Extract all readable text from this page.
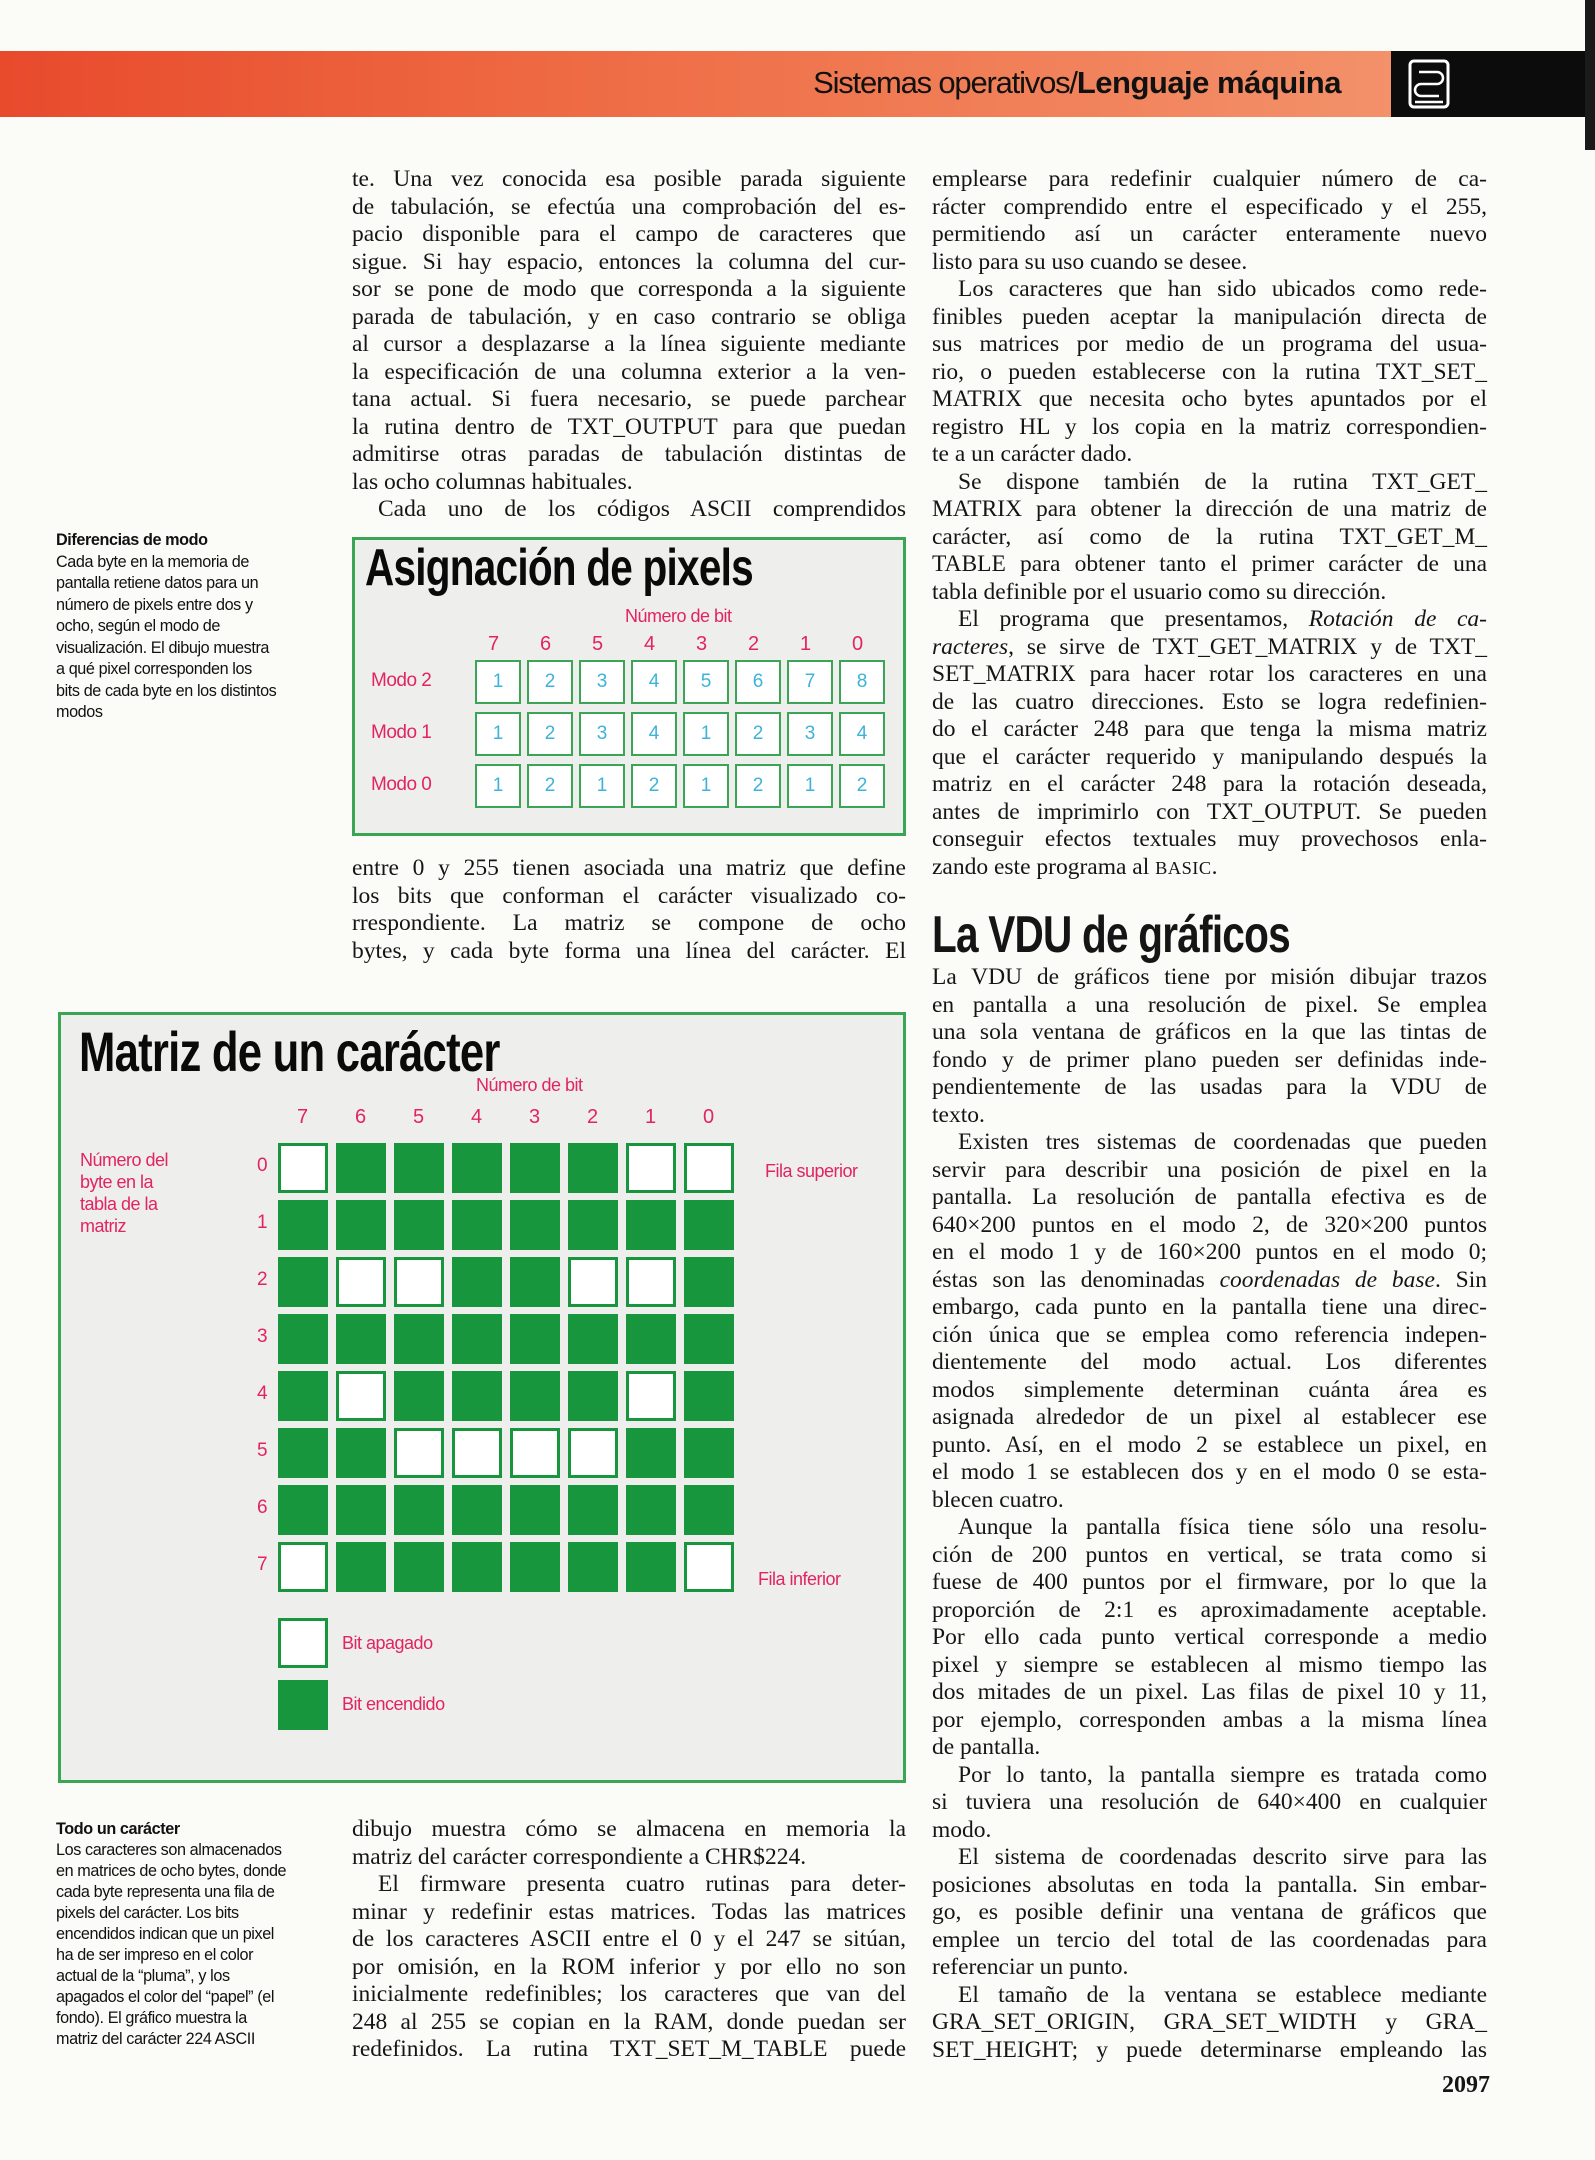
Sistemas operativos/Lenguaje máquina
Diferencias de modo
Cada byte en la memoria de
pantalla retiene datos para un
número de pixels entre dos y
ocho, según el modo de
visualización. El dibujo muestra
a qué pixel corresponden los
bits de cada byte en los distintos
modos
Todo un carácter
Los caracteres son almacenados
en matrices de ocho bytes, donde
cada byte representa una fila de
pixels del carácter. Los bits
encendidos indican que un pixel
ha de ser impreso en el color
actual de la “pluma”, y los
apagados el color del “papel” (el
fondo). El gráfico muestra la
matriz del carácter 224 ASCII
te. Una vez conocida esa posible parada siguiente
de tabulación, se efectúa una comprobación del es-
pacio disponible para el campo de caracteres que
sigue. Si hay espacio, entonces la columna del cur-
sor se pone de modo que corresponda a la siguiente
parada de tabulación, y en caso contrario se obliga
al cursor a desplazarse a la línea siguiente mediante
la especificación de una columna exterior a la ven-
tana actual. Si fuera necesario, se puede parchear
la rutina dentro de TXT_OUTPUT para que puedan
admitirse otras paradas de tabulación distintas de
las ocho columnas habituales.
Cada uno de los códigos ASCII comprendidos
entre 0 y 255 tienen asociada una matriz que define
los bits que conforman el carácter visualizado co-
rrespondiente. La matriz se compone de ocho
bytes, y cada byte forma una línea del carácter. El
dibujo muestra cómo se almacena en memoria la
matriz del carácter correspondiente a CHR$224.
El firmware presenta cuatro rutinas para deter-
minar y redefinir estas matrices. Todas las matrices
de los caracteres ASCII entre el 0 y el 247 se sitúan,
por omisión, en la ROM inferior y por ello no son
inicialmente redefinibles; los caracteres que van del
248 al 255 se copian en la RAM, donde puedan ser
redefinidos. La rutina TXT_SET_M_TABLE puede
emplearse para redefinir cualquier número de ca-
rácter comprendido entre el especificado y el 255,
permitiendo así un carácter enteramente nuevo
listo para su uso cuando se desee.
Los caracteres que han sido ubicados como rede-
finibles pueden aceptar la manipulación directa de
sus matrices por medio de un programa del usua-
rio, o pueden establecerse con la rutina TXT_SET_
MATRIX que necesita ocho bytes apuntados por el
registro HL y los copia en la matriz correspondien-
te a un carácter dado.
Se dispone también de la rutina TXT_GET_
MATRIX para obtener la dirección de una matriz de
carácter, así como de la rutina TXT_GET_M_
TABLE para obtener tanto el primer carácter de una
tabla definible por el usuario como su dirección.
El programa que presentamos, Rotación de ca-
racteres, se sirve de TXT_GET_MATRIX y de TXT_
SET_MATRIX para hacer rotar los caracteres en una
de las cuatro direcciones. Esto se logra redefinien-
do el carácter 248 para que tenga la misma matriz
que el carácter requerido y manipulando después la
matriz en el carácter 248 para la rotación deseada,
antes de imprimirlo con TXT_OUTPUT. Se pueden
conseguir efectos textuales muy provechosos enla-
zando este programa al BASIC.
La VDU de gráficos
La VDU de gráficos tiene por misión dibujar trazos
en pantalla a una resolución de pixel. Se emplea
una sola ventana de gráficos en la que las tintas de
fondo y de primer plano pueden ser definidas inde-
pendientemente de las usadas para la VDU de
texto.
Existen tres sistemas de coordenadas que pueden
servir para describir una posición de pixel en la
pantalla. La resolución de pantalla efectiva es de
640×200 puntos en el modo 2, de 320×200 puntos
en el modo 1 y de 160×200 puntos en el modo 0;
éstas son las denominadas coordenadas de base. Sin
embargo, cada punto en la pantalla tiene una direc-
ción única que se emplea como referencia indepen-
dientemente del modo actual. Los diferentes
modos simplemente determinan cuánta área es
asignada alrededor de un pixel al establecer ese
punto. Así, en el modo 2 se establece un pixel, en
el modo 1 se establecen dos y en el modo 0 se esta-
blecen cuatro.
Aunque la pantalla física tiene sólo una resolu-
ción de 200 puntos en vertical, se trata como si
fuese de 400 puntos por el firmware, por lo que la
proporción de 2:1 es aproximadamente aceptable.
Por ello cada punto vertical corresponde a medio
pixel y siempre se establecen al mismo tiempo las
dos mitades de un pixel. Las filas de pixel 10 y 11,
por ejemplo, corresponden ambas a la misma línea
de pantalla.
Por lo tanto, la pantalla siempre es tratada como
si tuviera una resolución de 640×400 en cualquier
modo.
El sistema de coordenadas descrito sirve para las
posiciones absolutas en toda la pantalla. Sin embar-
go, es posible definir una ventana de gráficos que
emplee un tercio del total de las coordenadas para
referenciar un punto.
El tamaño de la ventana se establece mediante
GRA_SET_ORIGIN, GRA_SET_WIDTH y GRA_
SET_HEIGHT; y puede determinarse empleando las
Asignación de pixels
Número de bit
7 6 5 4 3 2 1 0
Modo 2	1	2	3	4	5	6	7	8
Modo 1	1	2	3	4	1	2	3	4
Modo 0	1	2	1	2	1	2	1	2
Matriz de un carácter
Número de bit
Número del
byte en la
tabla de la
matriz
Fila superior
Fila inferior
Bit apagado
Bit encendido
7 6 5 4 3 2 1 0
0
1
2
3
4
5
6
7
2097
